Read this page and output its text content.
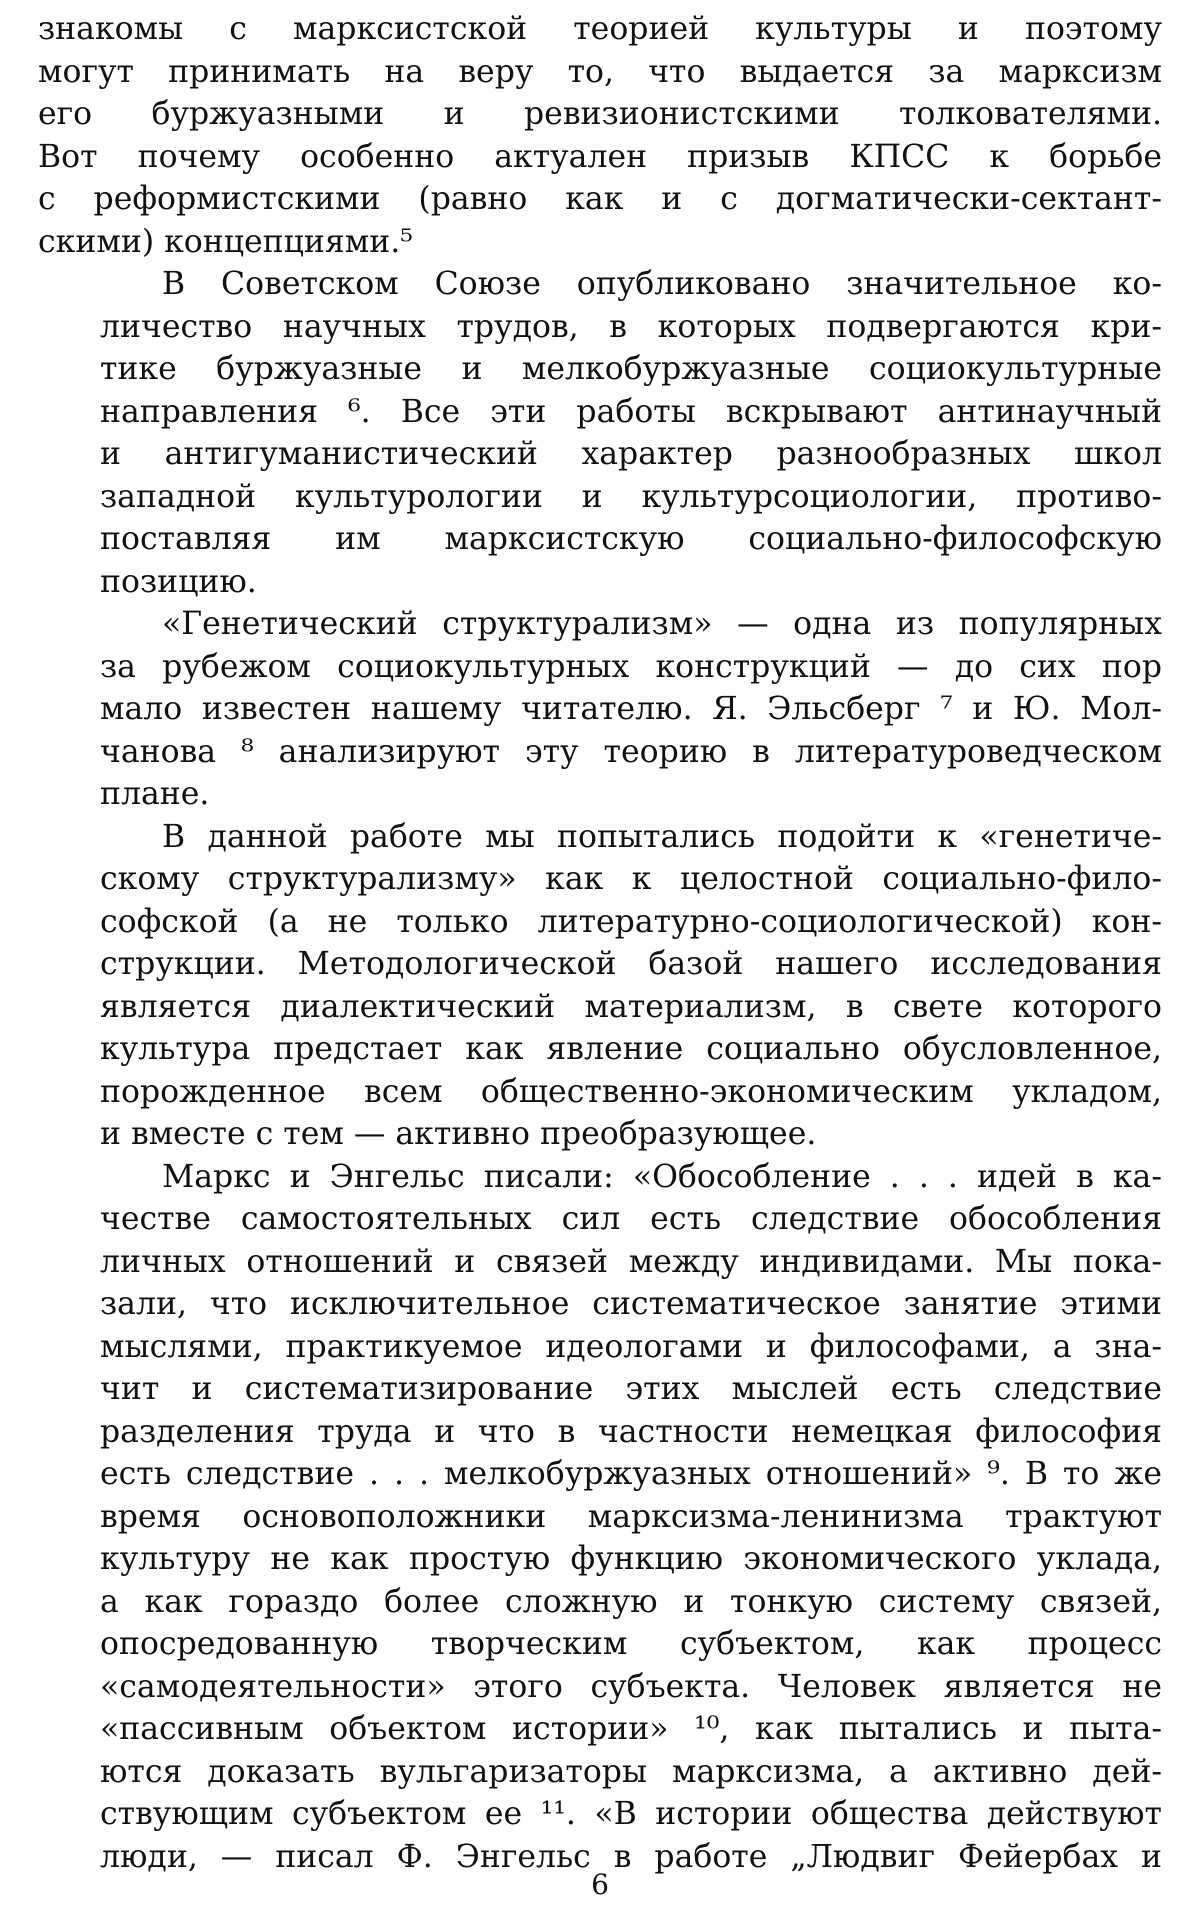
знакомы с марксистской теорией культуры и поэтому
могут принимать на веру то, что выдается за марксизм
его буржуазными и ревизионистскими толкователями.
Вот почему особенно актуален призыв КПСС к борьбе
с реформистскими (равно как и с догматически-сектант-
скими) концепциями.⁵
В Советском Союзе опубликовано значительное ко-
личество научных трудов, в которых подвергаются кри-
тике буржуазные и мелкобуржуазные социокультурные
направления ⁶. Все эти работы вскрывают антинаучный
и антигуманистический характер разнообразных школ
западной культурологии и культурсоциологии, противо-
поставляя им марксистскую социально-философскую
позицию.
«Генетический структурализм» — одна из популярных
за рубежом социокультурных конструкций — до сих пор
мало известен нашему читателю. Я. Эльсберг ⁷ и Ю. Мол-
чанова ⁸ анализируют эту теорию в литературоведческом
плане.
В данной работе мы попытались подойти к «генетиче-
скому структурализму» как к целостной социально-фило-
софской (а не только литературно-социологической) кон-
струкции. Методологической базой нашего исследования
является диалектический материализм, в свете которого
культура предстает как явление социально обусловленное,
порожденное всем общественно-экономическим укладом,
и вместе с тем — активно преобразующее.
Маркс и Энгельс писали: «Обособление . . . идей в ка-
честве самостоятельных сил есть следствие обособления
личных отношений и связей между индивидами. Мы пока-
зали, что исключительное систематическое занятие этими
мыслями, практикуемое идеологами и философами, а зна-
чит и систематизирование этих мыслей есть следствие
разделения труда и что в частности немецкая философия
есть следствие . . . мелкобуржуазных отношений» ⁹. В то же
время основоположники марксизма-ленинизма трактуют
культуру не как простую функцию экономического уклада,
а как гораздо более сложную и тонкую систему связей,
опосредованную творческим субъектом, как процесс
«самодеятельности» этого субъекта. Человек является не
«пассивным объектом истории» ¹⁰, как пытались и пыта-
ются доказать вульгаризаторы марксизма, а активно дей-
ствующим субъектом ее ¹¹. «В истории общества действуют
люди, — писал Ф. Энгельс в работе „Людвиг Фейербах и
6
